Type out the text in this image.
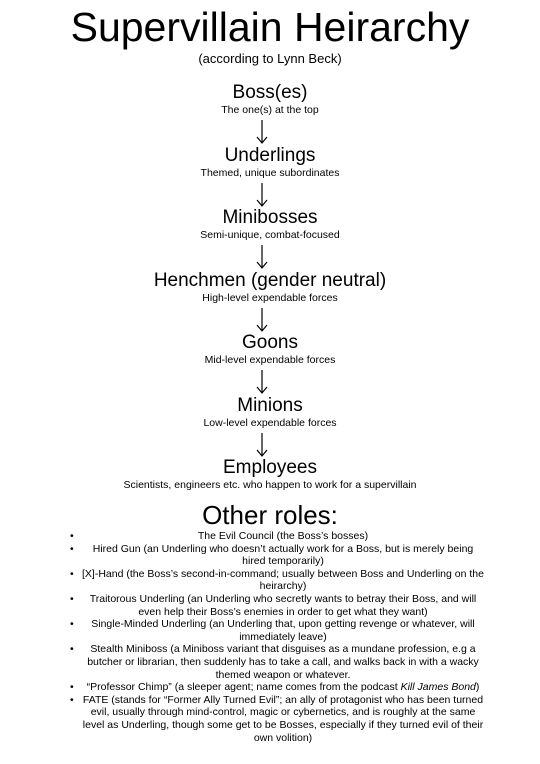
Supervillain Heirarchy
(according to Lynn Beck)
Boss(es)
The one(s) at the top
Underlings
Themed, unique subordinates
Minibosses
Semi-unique, combat-focused
Henchmen (gender neutral)
High-level expendable forces
Goons
Mid-level expendable forces
Minions
Low-level expendable forces
Employees
Scientists, engineers etc. who happen to work for a supervillain
Other roles:
• The Evil Council (the Boss’s bosses)
• Hired Gun (an Underling who doesn’t actually work for a Boss, but is merely being hired temporarily)
• [X]-Hand (the Boss’s second-in-command; usually between Boss and Underling on the heirarchy)
• Traitorous Underling (an Underling who secretly wants to betray their Boss, and will even help their Boss’s enemies in order to get what they want)
• Single-Minded Underling (an Underling that, upon getting revenge or whatever, will immediately leave)
• Stealth Miniboss (a Miniboss variant that disguises as a mundane profession, e.g a butcher or librarian, then suddenly has to take a call, and walks back in with a wacky themed weapon or whatever.
• “Professor Chimp” (a sleeper agent; name comes from the podcast Kill James Bond)
• FATE (stands for “Former Ally Turned Evil”; an ally of protagonist who has been turned evil, usually through mind-control, magic or cybernetics, and is roughly at the same level as Underling, though some get to be Bosses, especially if they turned evil of their own volition)
